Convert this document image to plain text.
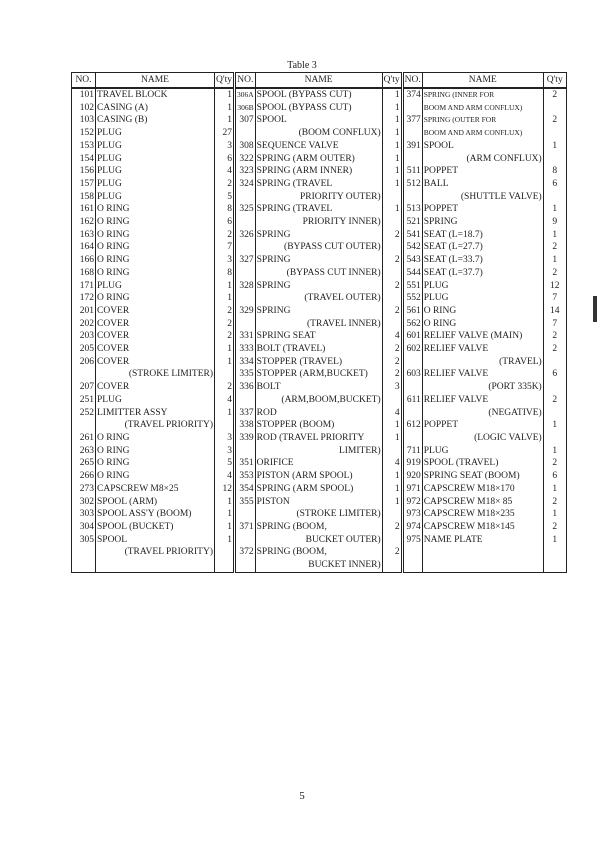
Table 3
NO.	NAME	Q'ty	NO.	NAME	Q'ty	NO.	NAME	Q'ty
101	TRAVEL BLOCK	1	306A	SPOOL (BYPASS CUT)	1	374	SPRING (INNER FOR	2
102	CASING (A)	1	306B	SPOOL (BYPASS CUT)	1		BOOM AND ARM CONFLUX)	
103	CASING (B)	1	307	SPOOL	1	377	SPRING (OUTER FOR	2
152	PLUG	27		(BOOM CONFLUX)	1		BOOM AND ARM CONFLUX)	
153	PLUG	3	308	SEQUENCE VALVE	1	391	SPOOL	1
154	PLUG	6	322	SPRING (ARM OUTER)	1		(ARM CONFLUX)	
156	PLUG	4	323	SPRING (ARM INNER)	1	511	POPPET	8
157	PLUG	2	324	SPRING (TRAVEL	1	512	BALL	6
158	PLUG	5		PRIORITY OUTER)			(SHUTTLE VALVE)	
161	O RING	8	325	SPRING (TRAVEL	1	513	POPPET	1
162	O RING	6		PRIORITY INNER)		521	SPRING	9
163	O RING	2	326	SPRING	2	541	SEAT (L=18.7)	1
164	O RING	7		(BYPASS CUT OUTER)		542	SEAT (L=27.7)	2
166	O RING	3	327	SPRING	2	543	SEAT (L=33.7)	1
168	O RING	8		(BYPASS CUT INNER)		544	SEAT (L=37.7)	2
171	PLUG	1	328	SPRING	2	551	PLUG	12
172	O RING	1		(TRAVEL OUTER)		552	PLUG	7
201	COVER	2	329	SPRING	2	561	O RING	14
202	COVER	2		(TRAVEL INNER)		562	O RING	7
203	COVER	2	331	SPRING SEAT	4	601	RELIEF VALVE (MAIN)	2
205	COVER	1	333	BOLT (TRAVEL)	2	602	RELIEF VALVE	2
206	COVER	1	334	STOPPER (TRAVEL)	2		(TRAVEL)	
	(STROKE LIMITER)		335	STOPPER (ARM,BUCKET)	2	603	RELIEF VALVE	6
207	COVER	2	336	BOLT	3		(PORT 335K)	
251	PLUG	4		(ARM,BOOM,BUCKET)		611	RELIEF VALVE	2
252	LIMITTER ASSY	1	337	ROD	4		(NEGATIVE)	
	(TRAVEL PRIORITY)		338	STOPPER (BOOM)	1	612	POPPET	1
261	O RING	3	339	ROD (TRAVEL PRIORITY	1		(LOGIC VALVE)	
263	O RING	3		LIMITER)		711	PLUG	1
265	O RING	5	351	ORIFICE	4	919	SPOOL (TRAVEL)	2
266	O RING	4	353	PISTON (ARM SPOOL)	1	920	SPRING SEAT (BOOM)	6
273	CAPSCREW M8×25	12	354	SPRING (ARM SPOOL)	1	971	CAPSCREW M18×170	1
302	SPOOL (ARM)	1	355	PISTON	1	972	CAPSCREW M18× 85	2
303	SPOOL ASS'Y (BOOM)	1		(STROKE LIMITER)		973	CAPSCREW M18×235	1
304	SPOOL (BUCKET)	1	371	SPRING (BOOM,	2	974	CAPSCREW M18×145	2
305	SPOOL	1		BUCKET OUTER)		975	NAME PLATE	1
	(TRAVEL PRIORITY)		372	SPRING (BOOM,	2			
				BUCKET INNER)				
5
